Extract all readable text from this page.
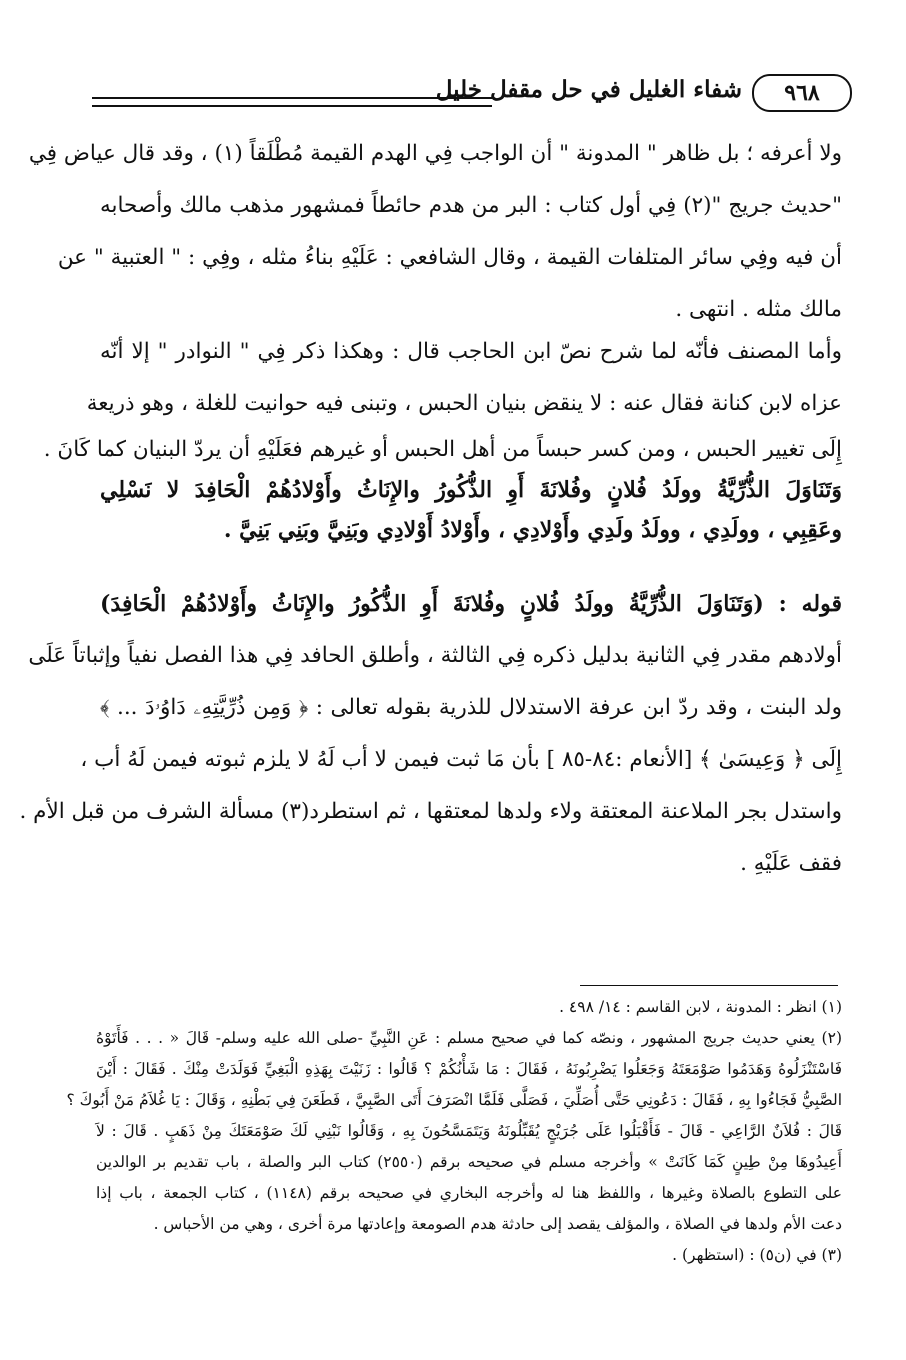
٩٦٨
شفاء الغليل في حل مقفل خليل
ولا أعرفه ؛ بل ظاهر " المدونة " أن الواجب فِي الهدم القيمة مُطْلَقاً (١) ، وقد قال عياض فِي
"حديث جريج "(٢) فِي أول كتاب : البر من هدم حائطاً فمشهور مذهب مالك وأصحابه
أن فيه وفِي سائر المتلفات القيمة ، وقال الشافعي : عَلَيْهِ بناءُ مثله ، وفِي : " العتبية " عن
مالك مثله . انتهى .
وأما المصنف فأنّه لما شرح نصّ ابن الحاجب قال : وهكذا ذكر فِي " النوادر " إلا أنّه
عزاه لابن كنانة فقال عنه : لا ينقض بنيان الحبس ، وتبنى فيه حوانيت للغلة ، وهو ذريعة
إِلَى تغيير الحبس ، ومن كسر حبساً من أهل الحبس أو غيرهم فعَلَيْهِ أن يردّ البنيان كما كَانَ .
وَتَنَاوَلَ الذُّرِّيَّةُ وولَدُ فُلانٍ وفُلانَةَ أَوِ الذُّكُورُ والإِنَاثُ وأَوْلادُهُمْ الْحَافِدَ لا نَسْلِي
وعَقِبِي ، وولَدِي ، وولَدُ ولَدِي وأَوْلادِي ، وأَوْلادُ أَوْلادِي وبَنِيَّ وبَنِي بَنِيَّ .
قوله : (وَتَنَاوَلَ الذُّرِّيَّةُ وولَدُ فُلانٍ وفُلانَةَ أَوِ الذُّكُورُ والإِنَاثُ وأَوْلادُهُمْ الْحَافِدَ)
أولادهم مقدر فِي الثانية بدليل ذكره فِي الثالثة ، وأطلق الحافد فِي هذا الفصل نفياً وإثباتاً عَلَى
ولد البنت ، وقد ردّ ابن عرفة الاستدلال للذرية بقوله تعالى : ﴿ وَمِن ذُرِّيَّتِهِۦ دَاوُۥدَ ... ﴾
إِلَى ﴿ وَعِيسَىٰ ﴾ [الأنعام :٨٤-٨٥ ] بأن مَا ثبت فيمن لا أب لَهُ لا يلزم ثبوته فيمن لَهُ أب ،
واستدل بجر الملاعنة المعتقة ولاء ولدها لمعتقها ، ثم استطرد(٣) مسألة الشرف من قبل الأم .
فقف عَلَيْهِ .
(١) انظر : المدونة ، لابن القاسم : ١٤/ ٤٩٨ .
(٢) يعني حديث جريج المشهور ، ونصّه كما في صحيح مسلم : عَنِ النَّبِيِّ -صلى الله عليه وسلم- قَالَ « . . . فَأَتَوْهُ
فَاسْتَنْزَلُوهُ وَهَدَمُوا صَوْمَعَتَهُ وَجَعَلُوا يَضْرِبُونَهُ ، فَقَالَ : مَا شَأْنُكُمْ ؟ قَالُوا : زَنَيْتَ بِهَذِهِ الْبَغِيِّ فَوَلَدَتْ مِنْكَ . فَقَالَ : أَيْنَ
الصَّبِيُّ فَجَاءُوا بِهِ ، فَقَالَ : دَعُونِي حَتَّى أُصَلِّيَ ، فَصَلَّى فَلَمَّا انْصَرَفَ أَتَى الصَّبِيَّ ، فَطَعَنَ فِي بَطْنِهِ ، وَقَالَ : يَا غُلاَمُ مَنْ أَبُوكَ ؟
قَالَ : فُلاَنٌ الرَّاعِي - قَالَ - فَأَقْبَلُوا عَلَى جُرَيْجٍ يُقَبِّلُونَهُ وَيَتَمَسَّحُونَ بِهِ ، وَقَالُوا نَبْنِي لَكَ صَوْمَعَتَكَ مِنْ ذَهَبٍ . قَالَ : لاَ
أَعِيدُوهَا مِنْ طِينٍ كَمَا كَانَتْ » وأخرجه مسلم في صحيحه برقم (٢٥٥٠) كتاب البر والصلة ، باب تقديم بر الوالدين
على التطوع بالصلاة وغيرها ، واللفظ هنا له وأخرجه البخاري في صحيحه برقم (١١٤٨) ، كتاب الجمعة ، باب إذا
دعت الأم ولدها في الصلاة ، والمؤلف يقصد إلى حادثة هدم الصومعة وإعادتها مرة أخرى ، وهي من الأحباس .
(٣) في (ن٥) : (استظهر) .
